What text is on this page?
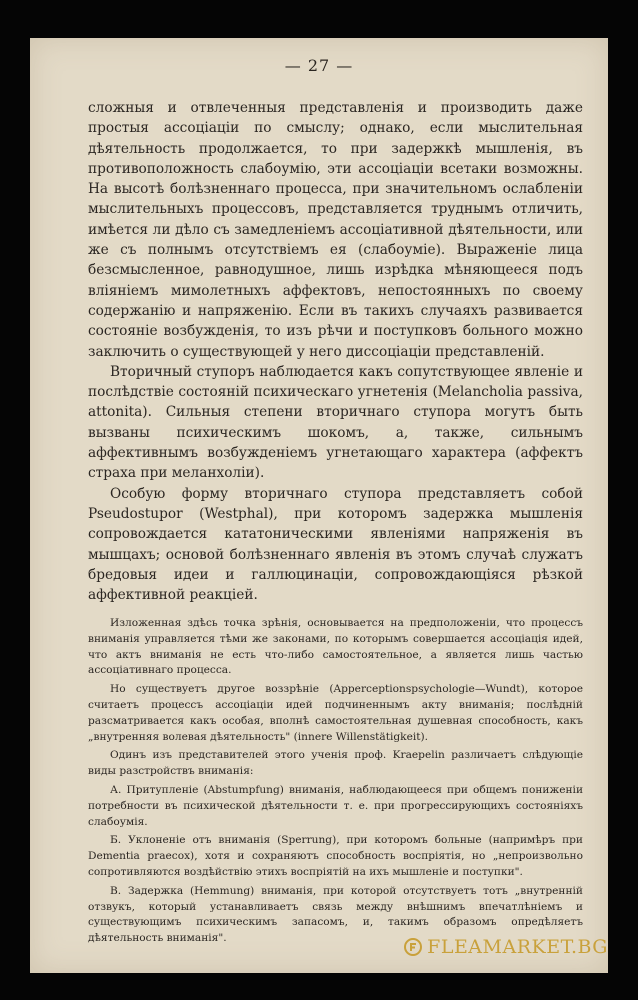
— 27 —

сложныя и отвлеченныя представленія и производить даже простыя ассоціаціи по смыслу; однако, если мыслительная дѣятельность продолжается, то при задержкѣ мышленія, въ противоположность слабоумію, эти ассоціаціи всетаки возможны. На высотѣ болѣзненнаго процесса, при значительномъ ослабленіи мыслительныхъ процессовъ, представляется труднымъ отличить, имѣется ли дѣло съ замедленіемъ ассоціативной дѣятельности, или же съ полнымъ отсутствіемъ ея (слабоуміе). Выраженіе лица безсмысленное, равнодушное, лишь изрѣдка мѣняющееся подъ вліяніемъ мимолетныхъ аффектовъ, непостоянныхъ по своему содержанію и напряженію. Если въ такихъ случаяхъ развивается состояніе возбужденія, то изъ рѣчи и поступковъ больного можно заключить о существующей у него диссоціаціи представленій.

Вторичный ступоръ наблюдается какъ сопутствующее явленіе и послѣдствіе состояній психическаго угнетенія (Melancholia passiva, attonita). Сильныя степени вторичнаго ступора могутъ быть вызваны психическимъ шокомъ, а, также, сильнымъ аффективнымъ возбужденіемъ угнетающаго характера (аффектъ страха при меланхоліи).

Особую форму вторичнаго ступора представляетъ собой Pseudostupor (Westphal), при которомъ задержка мышленія сопровождается кататоническими явленіями напряженія въ мышцахъ; основой болѣзненнаго явленія въ этомъ случаѣ служатъ бредовыя идеи и галлюцинаціи, сопровождающіяся рѣзкой аффективной реакціей.

Изложенная здѣсь точка зрѣнія, основывается на предположеніи, что процессъ вниманія управляется тѣми же законами, по которымъ совершается ассоціація идей, что актъ вниманія не есть что-либо самостоятельное, а является лишь частью ассоціативнаго процесса.

Но существуетъ другое воззрѣніе (Apperceptionspsychologie—Wundt), которое считаетъ процессъ ассоціаціи идей подчиненнымъ акту вниманія; послѣдній разсматривается какъ особая, вполнѣ самостоятельная душевная способность, какъ „внутренняя волевая дѣятельность" (innere Willenstätigkeit).

Одинъ изъ представителей этого ученія проф. Kraepelin различаетъ слѣдующіе виды разстройствъ вниманія:

А. Притупленіе (Abstumpfung) вниманія, наблюдающееся при общемъ пониженіи потребности въ психической дѣятельности т. е. при прогрессирующихъ состояніяхъ слабоумія.

Б. Уклоненіе отъ вниманія (Sperrung), при которомъ больные (напримѣръ при Dementia praecox), хотя и сохраняютъ способность воспріятія, но „непроизвольно сопротивляются воздѣйствію этихъ воспріятій на ихъ мышленіе и поступки".

В. Задержка (Hemmung) вниманія, при которой отсутствуетъ тотъ „внутренній отзвукъ, который устанавливаетъ связь между внѣшнимъ впечатлѣніемъ и существующимъ психическимъ запасомъ, и, такимъ образомъ опредѣляетъ дѣятельность вниманія".	FLEAMARKET.BG
